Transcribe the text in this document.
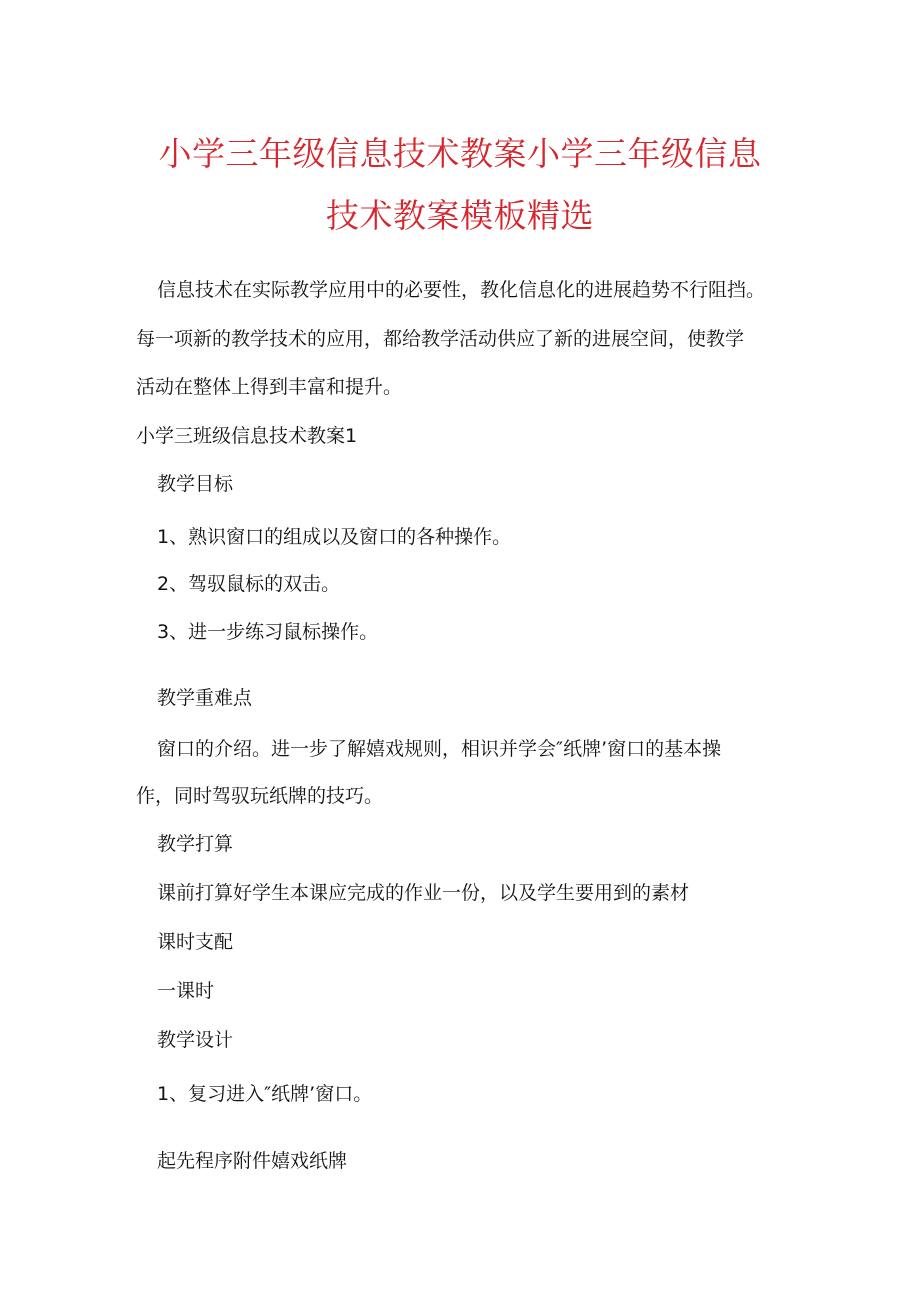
小学三年级信息技术教案小学三年级信息
技术教案模板精选
信息技术在实际教学应用中的必要性，教化信息化的进展趋势不行阻挡。
每一项新的教学技术的应用，都给教学活动供应了新的进展空间，使教学
活动在整体上得到丰富和提升。
小学三班级信息技术教案1
教学目标
1、熟识窗口的组成以及窗口的各种操作。
2、驾驭鼠标的双击。
3、进一步练习鼠标操作。
教学重难点
窗口的介绍。进一步了解嬉戏规则，相识并学会″纸牌’窗口的基本操
作，同时驾驭玩纸牌的技巧。
教学打算
课前打算好学生本课应完成的作业一份，以及学生要用到的素材
课时支配
一课时
教学设计
1、复习进入″纸牌’窗口。
起先程序附件嬉戏纸牌
